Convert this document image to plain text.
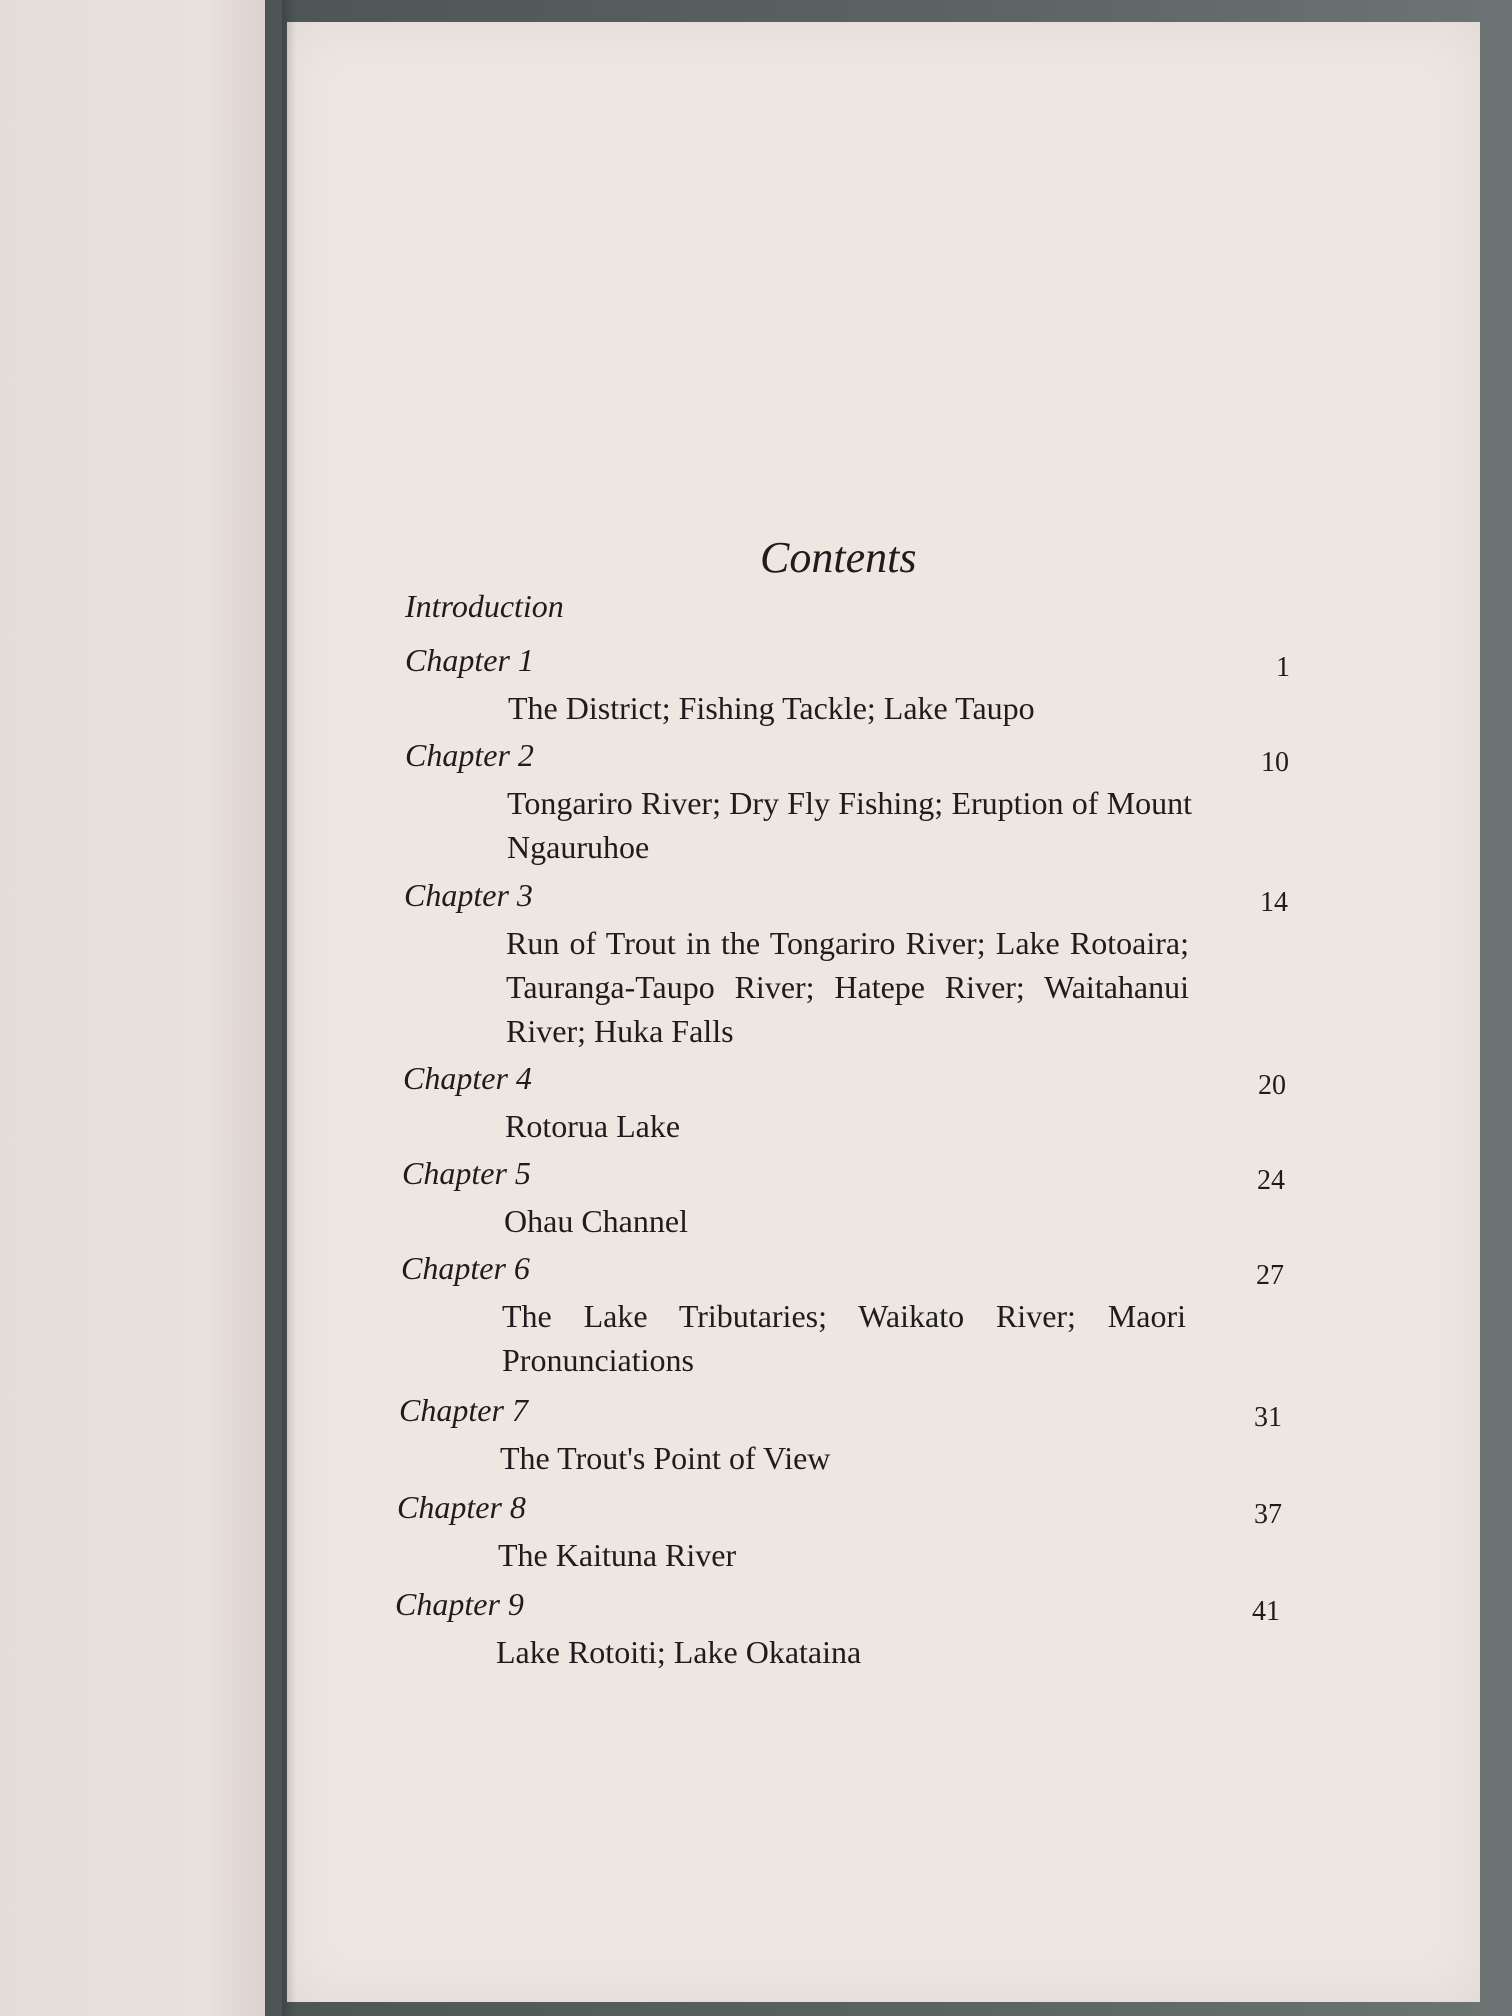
Contents
Introduction
Chapter 1	1
The District; Fishing Tackle; Lake Taupo
Chapter 2	10
Tongariro River; Dry Fly Fishing; Eruption of Mount Ngauruhoe
Chapter 3	14
Run of Trout in the Tongariro River; Lake Rotoaira; Tauranga-Taupo River; Hatepe River; Waitahanui River; Huka Falls
Chapter 4	20
Rotorua Lake
Chapter 5	24
Ohau Channel
Chapter 6	27
The Lake Tributaries; Waikato River; Maori Pronunciations
Chapter 7	31
The Trout's Point of View
Chapter 8	37
The Kaituna River
Chapter 9	41
Lake Rotoiti; Lake Okataina
